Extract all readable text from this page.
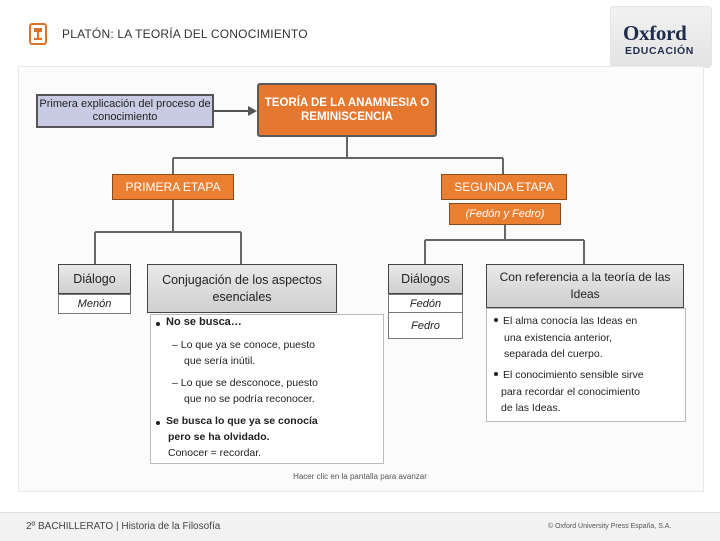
PLATÓN: LA TEORÍA DEL CONOCIMIENTO	Oxford
EDUCACIÓN
Primera explicación del proceso de conocimiento
TEORÍA DE LA ANAMNESIA O REMINISCENCIA
PRIMERA ETAPA	SEGUNDA ETAPA
(Fedón y Fedro)
Diálogo
Menón
Conjugación de los aspectos esenciales
Diálogos
Fedón
Fedro
Con referencia a la teoría de las Ideas
No se busca…
– Lo que ya se conoce, puesto
que sería inútil.
– Lo que se desconoce, puesto
que no se podría reconocer.
Se busca lo que ya se conocía
pero se ha olvidado.
Conocer = recordar.
El alma conocía las Ideas en
una existencia anterior,
separada del cuerpo.
El conocimiento sensible sirve
para recordar el conocimiento
de las Ideas.
Hacer clic en la pantalla para avanzar
2º BACHILLERATO | Historia de la Filosofía	© Oxford University Press España, S.A.
